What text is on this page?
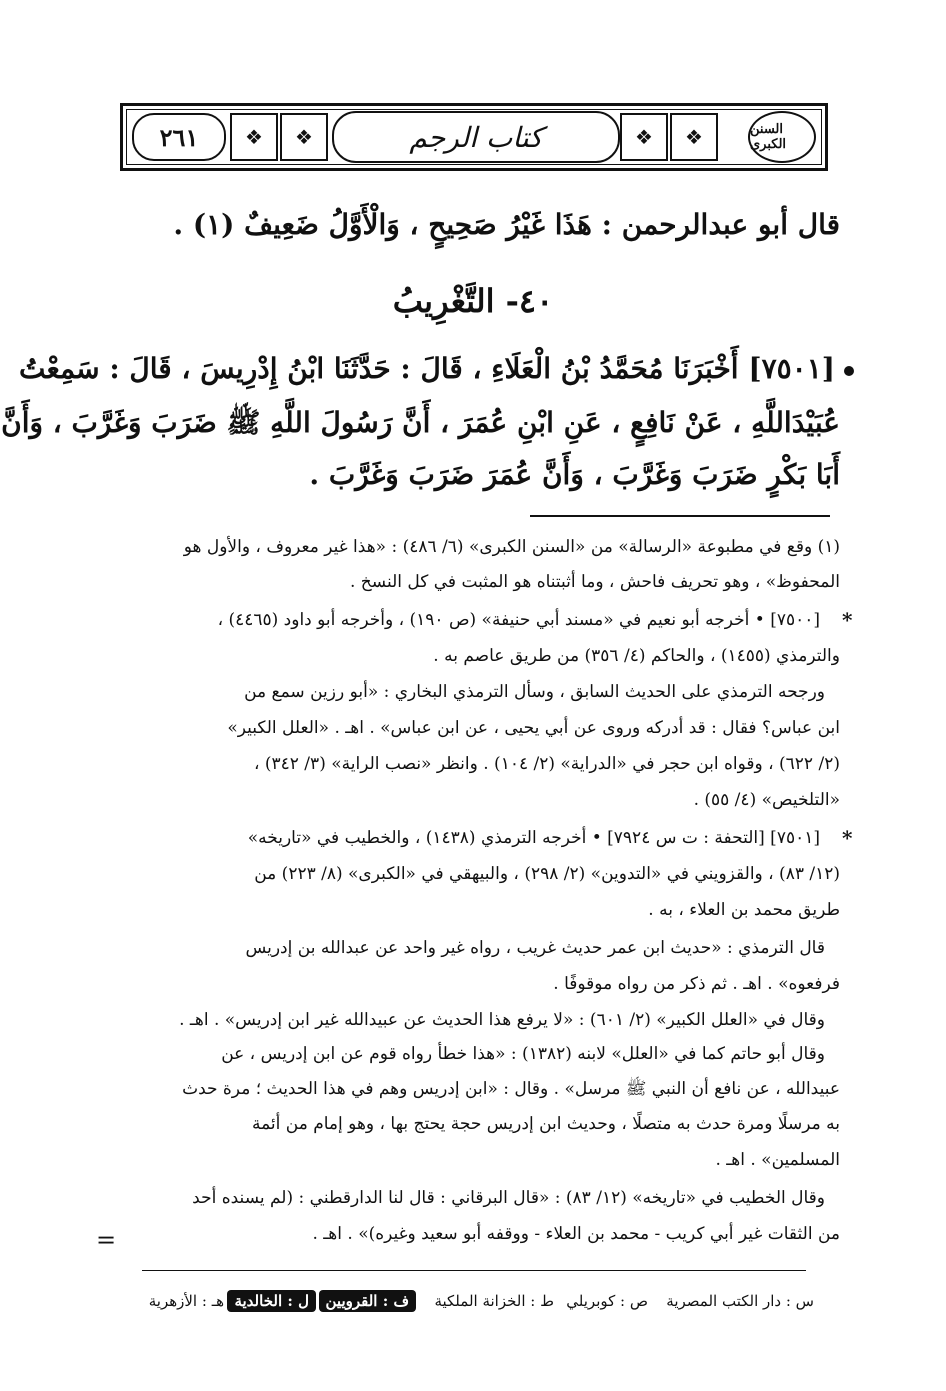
❖	❖	❖	❖
٢٦١	كتاب الرجم	السنن الكبرى
قال أبو عبدالرحمن : هَذَا غَيْرُ صَحِيحٍ ، وَالْأَوَّلُ ضَعِيفٌ (١) .
٤٠- التَّغْرِيبُ
[٧٥٠١] أَخْبَرَنَا مُحَمَّدُ بْنُ الْعَلَاءِ ، قَالَ : حَدَّثَنَا ابْنُ إِدْرِيسَ ، قَالَ : سَمِعْتُ
عُبَيْدَاللَّهِ ، عَنْ نَافِعٍ ، عَنِ ابْنِ عُمَرَ ، أَنَّ رَسُولَ اللَّهِ ﷺ ضَرَبَ وَغَرَّبَ ، وَأَنَّ
أَبَا بَكْرٍ ضَرَبَ وَغَرَّبَ ، وَأَنَّ عُمَرَ ضَرَبَ وَغَرَّبَ .
(١) وقع في مطبوعة «الرسالة» من «السنن الكبرى» (٦/ ٤٨٦) : «هذا غير معروف ، والأول هو
المحفوظ» ، وهو تحريف فاحش ، وما أثبتناه هو المثبت في كل النسخ .
*
[٧٥٠٠] • أخرجه أبو نعيم في «مسند أبي حنيفة» (ص ١٩٠) ، وأخرجه أبو داود (٤٤٦٥) ،
والترمذي (١٤٥٥) ، والحاكم (٤/ ٣٥٦) من طريق عاصم به .
ورجحه الترمذي على الحديث السابق ، وسأل الترمذي البخاري : «أبو رزين سمع من
ابن عباس؟ فقال : قد أدركه وروى عن أبي يحيى ، عن ابن عباس» . اهـ . «العلل الكبير»
(٢/ ٦٢٢) ، وقواه ابن حجر في «الدراية» (٢/ ١٠٤) . وانظر «نصب الراية» (٣/ ٣٤٢) ،
«التلخيص» (٤/ ٥٥) .
*
[٧٥٠١] [التحفة : ت س ٧٩٢٤] • أخرجه الترمذي (١٤٣٨) ، والخطيب في «تاريخه»
(١٢/ ٨٣) ، والقزويني في «التدوين» (٢/ ٢٩٨) ، والبيهقي في «الكبرى» (٨/ ٢٢٣) من
طريق محمد بن العلاء ، به .
قال الترمذي : «حديث ابن عمر حديث غريب ، رواه غير واحد عن عبدالله بن إدريس
فرفعوه» . اهـ . ثم ذكر من رواه موقوفًا .
وقال في «العلل الكبير» (٢/ ٦٠١) : «لا يرفع هذا الحديث عن عبيدالله غير ابن إدريس» . اهـ .
وقال أبو حاتم كما في «العلل» لابنه (١٣٨٢) : «هذا خطأ رواه قوم عن ابن إدريس ، عن
عبيدالله ، عن نافع أن النبي ﷺ مرسل» . وقال : «ابن إدريس وهم في هذا الحديث ؛ مرة حدث
به مرسلًا ومرة حدث به متصلًا ، وحديث ابن إدريس حجة يحتج بها ، وهو إمام من أئمة
المسلمين» . اهـ .
وقال الخطيب في «تاريخه» (١٢/ ٨٣) : «قال البرقاني : قال لنا الدارقطني : (لم يسنده أحد
من الثقات غير أبي كريب - محمد بن العلاء - ووقفه أبو سعيد وغيره)» . اهـ .
=
س : دار الكتب المصرية
ص : كوبريلي
ط : الخزانة الملكية
ف : القرويين
ل : الخالدية
هـ : الأزهرية
